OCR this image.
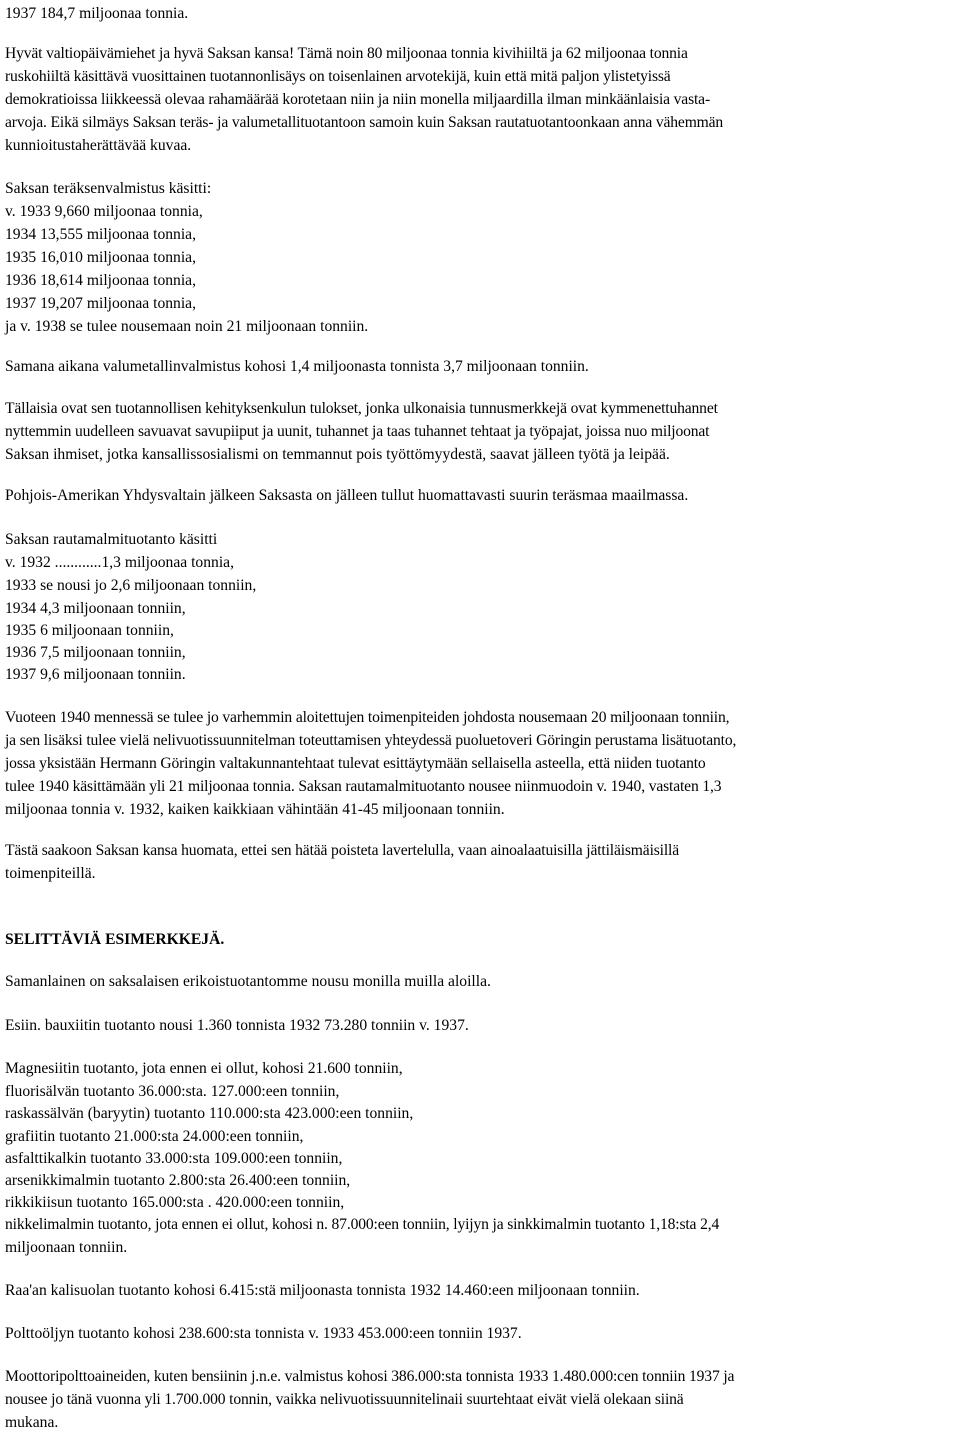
1937 184,7 miljoonaa tonnia.

Hyvät valtiopäivämiehet ja hyvä Saksan kansa! Tämä noin 80 miljoonaa tonnia kivihiiltä ja 62 miljoonaa tonnia

ruskohiiltä käsittävä vuosittainen tuotannonlisäys on toisenlainen arvotekijä, kuin että mitä paljon ylistetyissä

demokratioissa liikkeessä olevaa rahamäärää korotetaan niin ja niin monella miljaardilla ilman minkäänlaisia vasta-

arvoja. Eikä silmäys Saksan teräs- ja valumetallituotantoon samoin kuin Saksan rautatuotantoonkaan anna vähemmän

kunnioitustaherättävää kuvaa.

Saksan teräksenvalmistus käsitti:

v. 1933 9,660 miljoonaa tonnia,

1934 13,555 miljoonaa tonnia,

1935 16,010 miljoonaa tonnia,

1936 18,614 miljoonaa tonnia,

1937 19,207 miljoonaa tonnia,

ja v. 1938 se tulee nousemaan noin 21 miljoonaan tonniin.

Samana aikana valumetallinvalmistus kohosi 1,4 miljoonasta tonnista 3,7 miljoonaan tonniin.

Tällaisia ovat sen tuotannollisen kehityksenkulun tulokset, jonka ulkonaisia tunnusmerkkejä ovat kymmenettuhannet

nyttemmin uudelleen savuavat savupiiput ja uunit, tuhannet ja taas tuhannet tehtaat ja työpajat, joissa nuo miljoonat

Saksan ihmiset, jotka kansallissosialismi on temmannut pois työttömyydestä, saavat jälleen työtä ja leipää.

Pohjois-Amerikan Yhdysvaltain jälkeen Saksasta on jälleen tullut huomattavasti suurin teräsmaa maailmassa.

Saksan rautamalmituotanto käsitti

v. 1932 ............1,3 miljoonaa tonnia,

1933 se nousi jo 2,6 miljoonaan tonniin,

1934 4,3 miljoonaan tonniin,

1935 6 miljoonaan tonniin,

1936 7,5 miljoonaan tonniin,

1937 9,6 miljoonaan tonniin.

Vuoteen 1940 mennessä se tulee jo varhemmin aloitettujen toimenpiteiden johdosta nousemaan 20 miljoonaan tonniin,

ja sen lisäksi tulee vielä nelivuotissuunnitelman toteuttamisen yhteydessä puoluetoveri Göringin perustama lisätuotanto,

jossa yksistään Hermann Göringin valtakunnantehtaat tulevat esittäytymään sellaisella asteella, että niiden tuotanto

tulee 1940 käsittämään yli 21 miljoonaa tonnia. Saksan rautamalmituotanto nousee niinmuodoin v. 1940, vastaten 1,3

miljoonaa tonnia v. 1932, kaiken kaikkiaan vähintään 41-45 miljoonaan tonniin.

Tästä saakoon Saksan kansa huomata, ettei sen hätää poisteta lavertelulla, vaan ainoalaatuisilla jättiläismäisillä

toimenpiteillä.

SELITTÄVIÄ ESIMERKKEJÄ.

Samanlainen on saksalaisen erikoistuotantomme nousu monilla muilla aloilla.

Esiin. bauxiitin tuotanto nousi 1.360 tonnista 1932 73.280 tonniin v. 1937.

Magnesiitin tuotanto, jota ennen ei ollut, kohosi 21.600 tonniin,

fluorisälvän tuotanto 36.000:sta. 127.000:een tonniin,

raskassälvän (baryytin) tuotanto 110.000:sta 423.000:een tonniin,

grafiitin tuotanto 21.000:sta 24.000:een tonniin,

asfalttikalkin tuotanto 33.000:sta 109.000:een tonniin,

arsenikkimalmin tuotanto 2.800:sta 26.400:een tonniin,

rikkikiisun tuotanto 165.000:sta . 420.000:een tonniin,

nikkelimalmin tuotanto, jota ennen ei ollut, kohosi n. 87.000:een tonniin, lyijyn ja sinkkimalmin tuotanto 1,18:sta 2,4

miljoonaan tonniin.

Raa'an kalisuolan tuotanto kohosi 6.415:stä miljoonasta tonnista 1932 14.460:een miljoonaan tonniin.

Polttoöljyn tuotanto kohosi 238.600:sta tonnista v. 1933 453.000:een tonniin 1937.

Moottoripolttoaineiden, kuten bensiinin j.n.e. valmistus kohosi 386.000:sta tonnista 1933 1.480.000:cen tonniin 1937 ja

nousee jo tänä vuonna yli 1.700.000 tonnin, vaikka nelivuotissuunnitelinaii suurtehtaat eivät vielä olekaan siinä

mukana.
